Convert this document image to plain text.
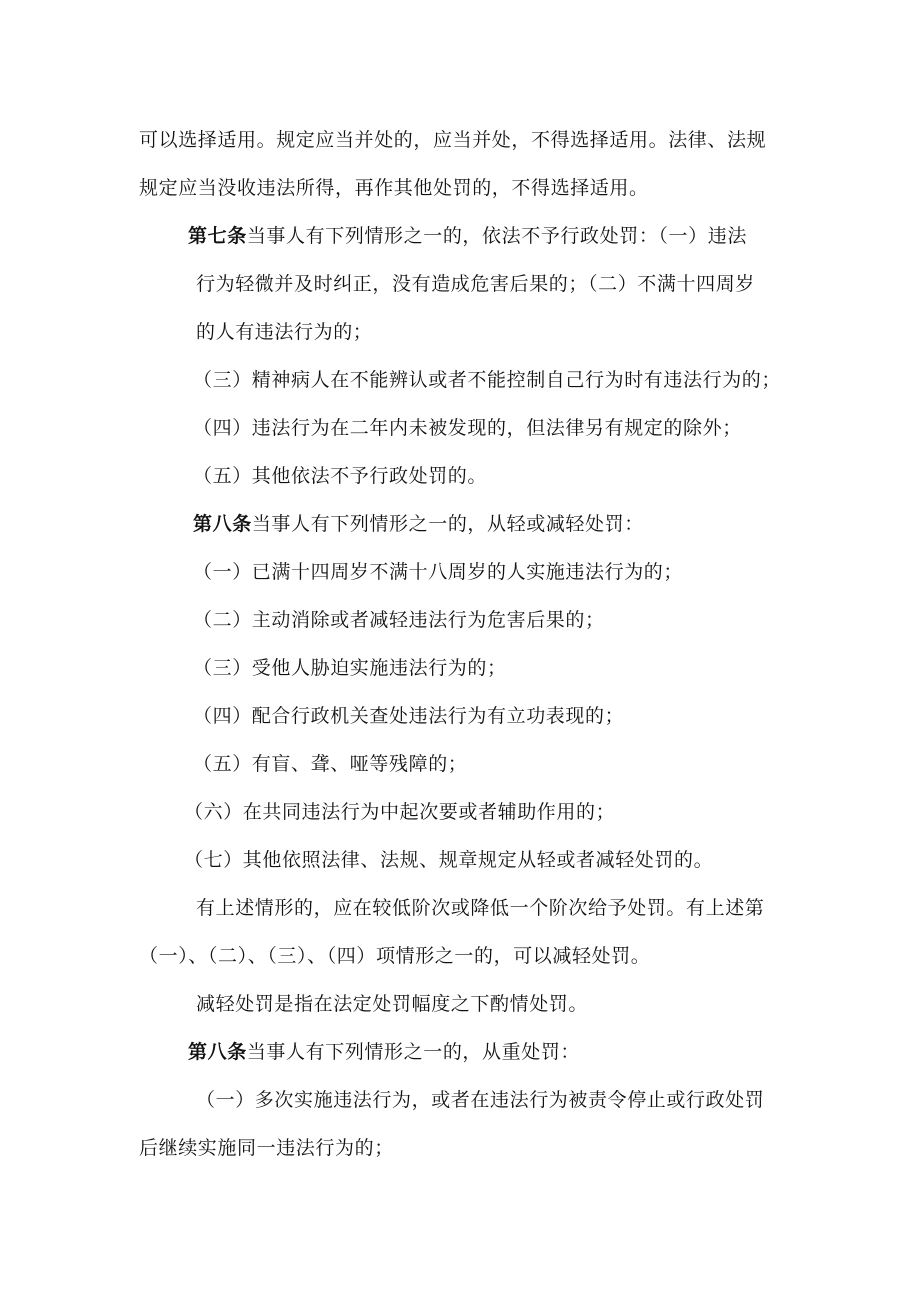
可以选择适用。规定应当并处的，应当并处，不得选择适用。法律、法规
规定应当没收违法所得，再作其他处罚的，不得选择适用。
第七条当事人有下列情形之一的，依法不予行政处罚：（一）违法
行为轻微并及时纠正，没有造成危害后果的；（二）不满十四周岁
的人有违法行为的；
（三）精神病人在不能辨认或者不能控制自己行为时有违法行为的；
（四）违法行为在二年内未被发现的，但法律另有规定的除外；
（五）其他依法不予行政处罚的。
第八条当事人有下列情形之一的，从轻或减轻处罚：
（一）已满十四周岁不满十八周岁的人实施违法行为的；
（二）主动消除或者减轻违法行为危害后果的；
（三）受他人胁迫实施违法行为的；
（四）配合行政机关查处违法行为有立功表现的；
（五）有盲、聋、哑等残障的；
（六）在共同违法行为中起次要或者辅助作用的；
（七）其他依照法律、法规、规章规定从轻或者减轻处罚的。
有上述情形的，应在较低阶次或降低一个阶次给予处罚。有上述第
（一）、（二）、（三）、（四）项情形之一的，可以减轻处罚。
减轻处罚是指在法定处罚幅度之下酌情处罚。
第八条当事人有下列情形之一的，从重处罚：
（一）多次实施违法行为，或者在违法行为被责令停止或行政处罚
后继续实施同一违法行为的；
